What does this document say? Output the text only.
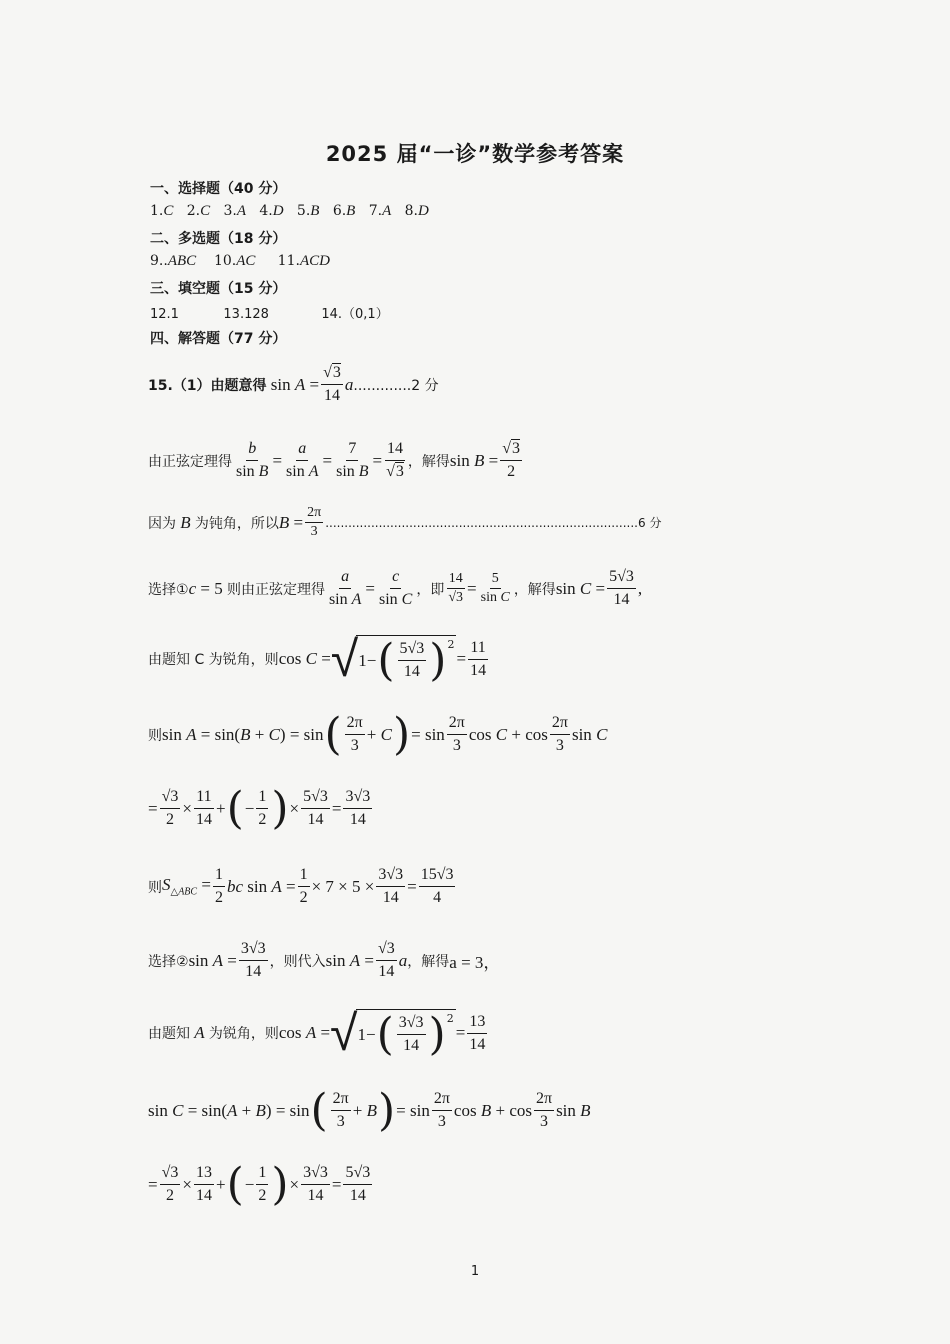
2025 届“一诊”数学参考答案
一、选择题（40 分）
1.C 2.C 3.A 4.D 5.B 6.B 7.A 8.D
二、多选题（18 分）
9..ABC 10.AC 11.ACD
三、填空题（15 分）
12.1	13.128	14.（0,1）
四、解答题（77 分）
15.（1）由题意得 $\sin A = \frac{√3}{14}$ a .............2 分
由正弦定理得 $\frac{b}{\text{sin B}} = \frac{a}{\text{sin A}} = \frac{7}{\text{sin B}} = \frac{14}{√3}$ ，解得 $\sin B = \frac{√3}{2}$
因为 B 为钝角，所以 $B = \frac{2\pi}{3} ..................................................................................6$ 分
选择① c = 5 则由正弦定理得 $\frac{a}{\text{sin A}} = \frac{c}{\text{sin C}}$ ，即 $\frac{14}{√3} = \frac{5}{\text{sin C}}$ ，解得 $\sin C = \frac{5√3}{14}$ ,
由题知 C 为锐角，则 cos C = √ 1− ( $\frac{5√3}{14} )^2$
= $\frac{11}{14}$
则 sin A = sin(B + C) = sin ( $\frac{2\pi}{3} + C$ ) = $\sin \frac{2\pi}{3}$ $\cos C + \cos \frac{2\pi}{3}$ sin C
= $\frac{√3}{2} \times \frac{11}{14}$ + ( − $\frac{1}{2}$ ) × $\frac{5√3}{14} = \frac{3√3}{14}$
则 $S_{\triangle ABC} = \frac{1}{2}$ bc $\sin A = \frac{1}{2} \times 7 \times 5 \times \frac{3√3}{14} = \frac{15√3}{4}$
选择② $\sin A = \frac{3√3}{14}$ ，则代入 $\sin A = \frac{√3}{14}$ a ，解得 a = 3，
由题知 A 为锐角，则 cos A = √ 1− ( $\frac{3√3}{14} )^2$
= $\frac{13}{14}$
sin C = sin(A + B) = sin ( $\frac{2\pi}{3} + B$ ) = $\sin \frac{2\pi}{3}$ $\cos B + \cos \frac{2\pi}{3}$ sin B
= $\frac{√3}{2} \times \frac{13}{14}$ + ( − $\frac{1}{2}$ ) × $\frac{3√3}{14} = \frac{5√3}{14}$
1
